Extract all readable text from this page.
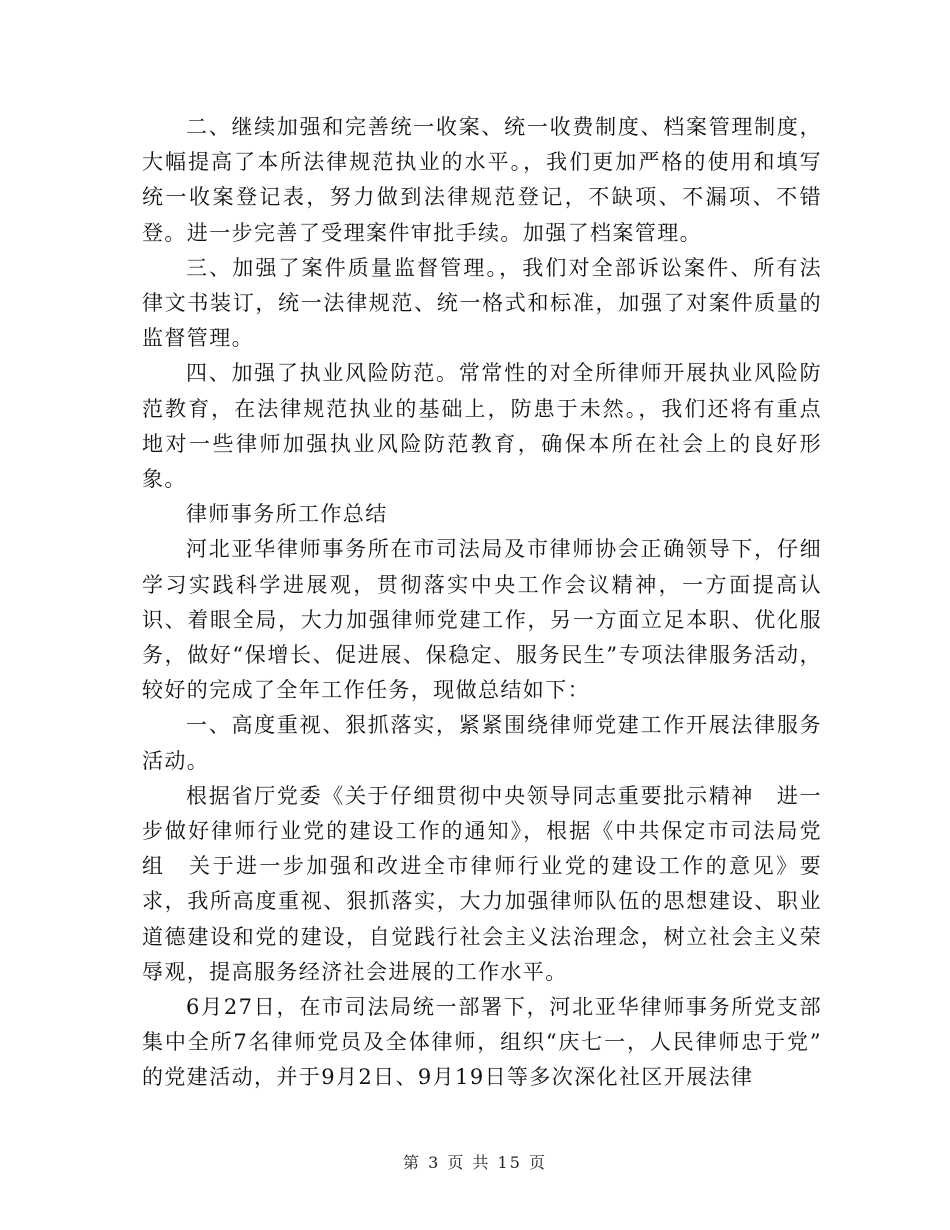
二、继续加强和完善统一收案、统一收费制度、档案管理制度，大幅提高了本所法律规范执业的水平。，我们更加严格的使用和填写统一收案登记表，努力做到法律规范登记，不缺项、不漏项、不错登。进一步完善了受理案件审批手续。加强了档案管理。

三、加强了案件质量监督管理。，我们对全部诉讼案件、所有法律文书装订，统一法律规范、统一格式和标准，加强了对案件质量的监督管理。

四、加强了执业风险防范。常常性的对全所律师开展执业风险防范教育，在法律规范执业的基础上，防患于未然。，我们还将有重点地对一些律师加强执业风险防范教育，确保本所在社会上的良好形象。

律师事务所工作总结

河北亚华律师事务所在市司法局及市律师协会正确领导下，仔细学习实践科学进展观，贯彻落实中央工作会议精神，一方面提高认识、着眼全局，大力加强律师党建工作，另一方面立足本职、优化服务，做好“保增长、促进展、保稳定、服务民生”专项法律服务活动，较好的完成了全年工作任务，现做总结如下：

一、高度重视、狠抓落实，紧紧围绕律师党建工作开展法律服务活动。

根据省厅党委《关于仔细贯彻中央领导同志重要批示精神　进一步做好律师行业党的建设工作的通知》，根据《中共保定市司法局党组　关于进一步加强和改进全市律师行业党的建设工作的意见》要求，我所高度重视、狠抓落实，大力加强律师队伍的思想建设、职业道德建设和党的建设，自觉践行社会主义法治理念，树立社会主义荣辱观，提高服务经济社会进展的工作水平。

6月27日，在市司法局统一部署下，河北亚华律师事务所党支部集中全所7名律师党员及全体律师，组织“庆七一，人民律师忠于党” 的党建活动，并于9月2日、9月19日等多次深化社区开展法律

第 3 页 共 15 页
